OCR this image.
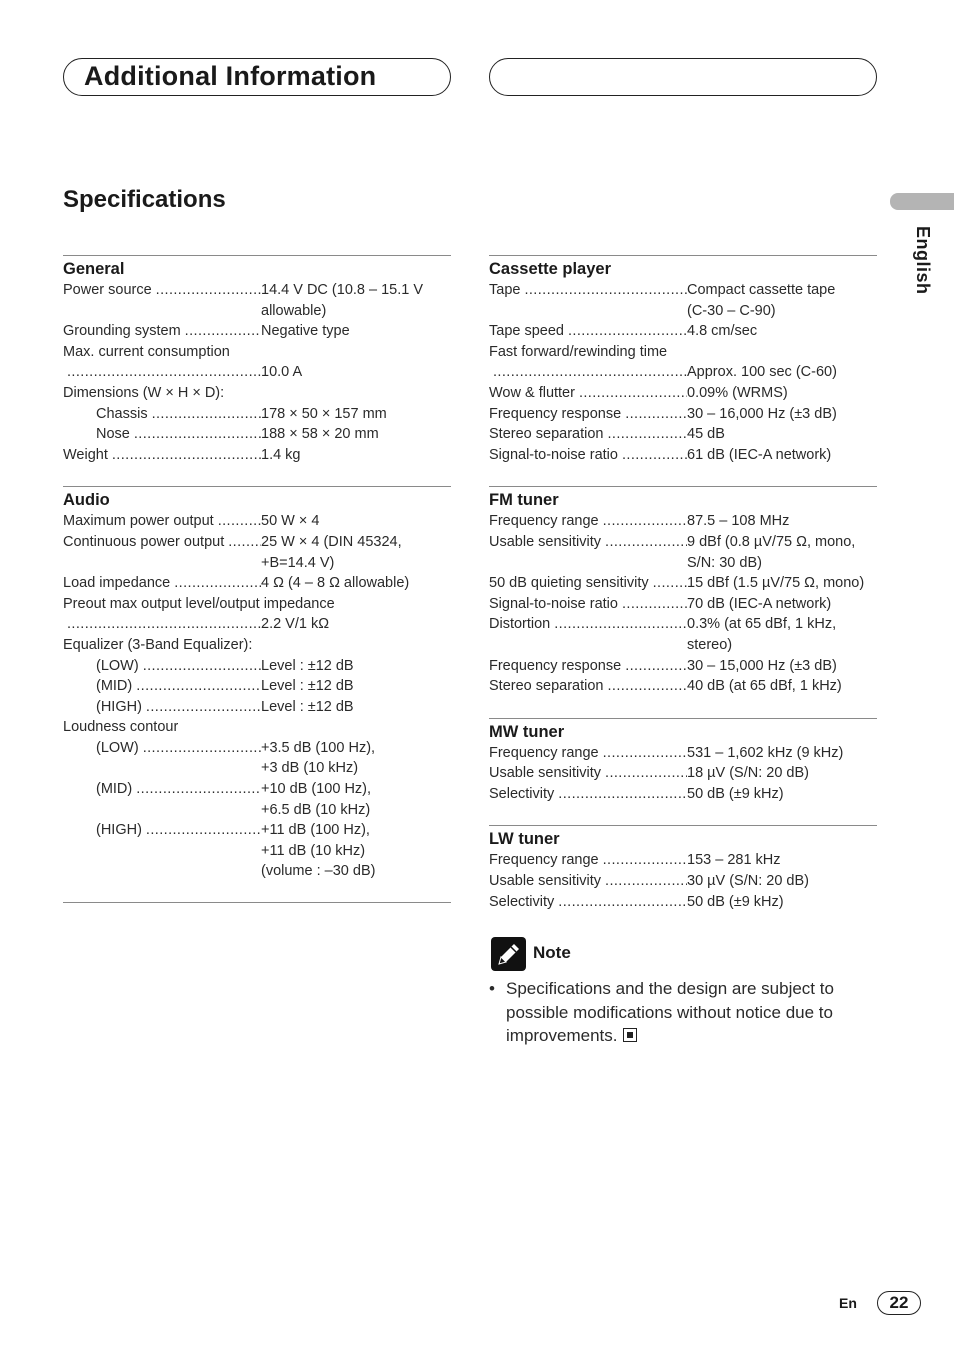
Additional Information
Specifications
English
General
Power source .....	14.4 V DC (10.8 – 15.1 V
allowable)
Grounding system .....	Negative type
Max. current consumption
.....
10.0 A
Dimensions (W × H × D):
Chassis .....	178 × 50 × 157 mm
Nose .....	188 × 58 × 20 mm
Weight .....	1.4 kg
Audio
Maximum power output .....	50 W × 4
Continuous power output .....	25 W × 4 (DIN 45324,
+B=14.4 V)
Load impedance .....	4 Ω (4 – 8 Ω allowable)
Preout max output level/output impedance
.....
2.2 V/1 kΩ
Equalizer (3-Band Equalizer):
(LOW) .....	Level : ±12 dB
(MID) .....	Level : ±12 dB
(HIGH) .....	Level : ±12 dB
Loudness contour
(LOW) .....	+3.5 dB (100 Hz),
+3 dB (10 kHz)
(MID) .....	+10 dB (100 Hz),
+6.5 dB (10 kHz)
(HIGH) .....	+11 dB (100 Hz),
+11 dB (10 kHz)
(volume : –30 dB)
Cassette player
Tape .....	Compact cassette tape
(C-30 – C-90)
Tape speed .....	4.8 cm/sec
Fast forward/rewinding time
.....
Approx. 100 sec (C-60)
Wow & flutter .....	0.09% (WRMS)
Frequency response .....	30 – 16,000 Hz (±3 dB)
Stereo separation .....	45 dB
Signal-to-noise ratio .....	61 dB (IEC-A network)
FM tuner
Frequency range .....	87.5 – 108 MHz
Usable sensitivity .....	9 dBf (0.8 µV/75 Ω, mono,
S/N: 30 dB)
50 dB quieting sensitivity .....	15 dBf (1.5 µV/75 Ω, mono)
Signal-to-noise ratio .....	70 dB (IEC-A network)
Distortion .....	0.3% (at 65 dBf, 1 kHz,
stereo)
Frequency response .....	30 – 15,000 Hz (±3 dB)
Stereo separation .....	40 dB (at 65 dBf, 1 kHz)
MW tuner
Frequency range .....	531 – 1,602 kHz (9 kHz)
Usable sensitivity .....	18 µV (S/N: 20 dB)
Selectivity .....	50 dB (±9 kHz)
LW tuner
Frequency range .....	153 – 281 kHz
Usable sensitivity .....	30 µV (S/N: 20 dB)
Selectivity .....	50 dB (±9 kHz)
Note
• Specifications and the design are subject to possible modifications without notice due to improvements.
En	22
